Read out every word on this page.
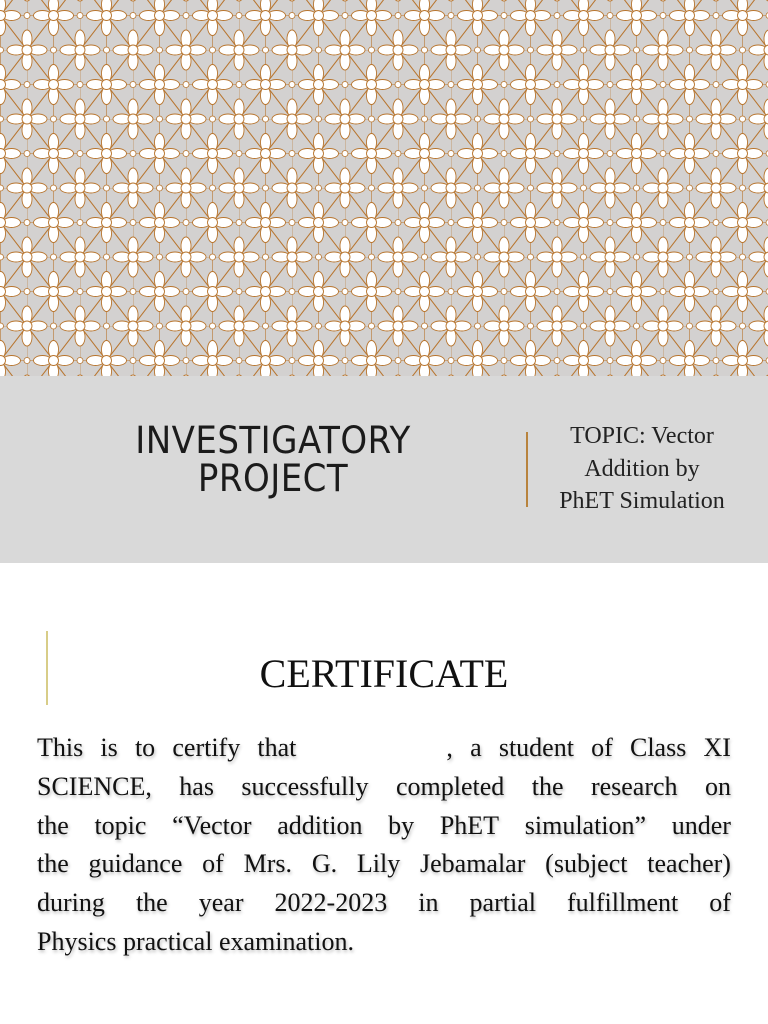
INVESTIGATORY
PROJECT
TOPIC: Vector
Addition by
PhET Simulation
CERTIFICATE
This is to certify that	, a student of Class XI
SCIENCE, has successfully completed the research on
the topic “Vector addition by PhET simulation” under
the guidance of Mrs. G. Lily Jebamalar (subject teacher)
during the year 2022-2023 in partial fulfillment of
Physics practical examination.
